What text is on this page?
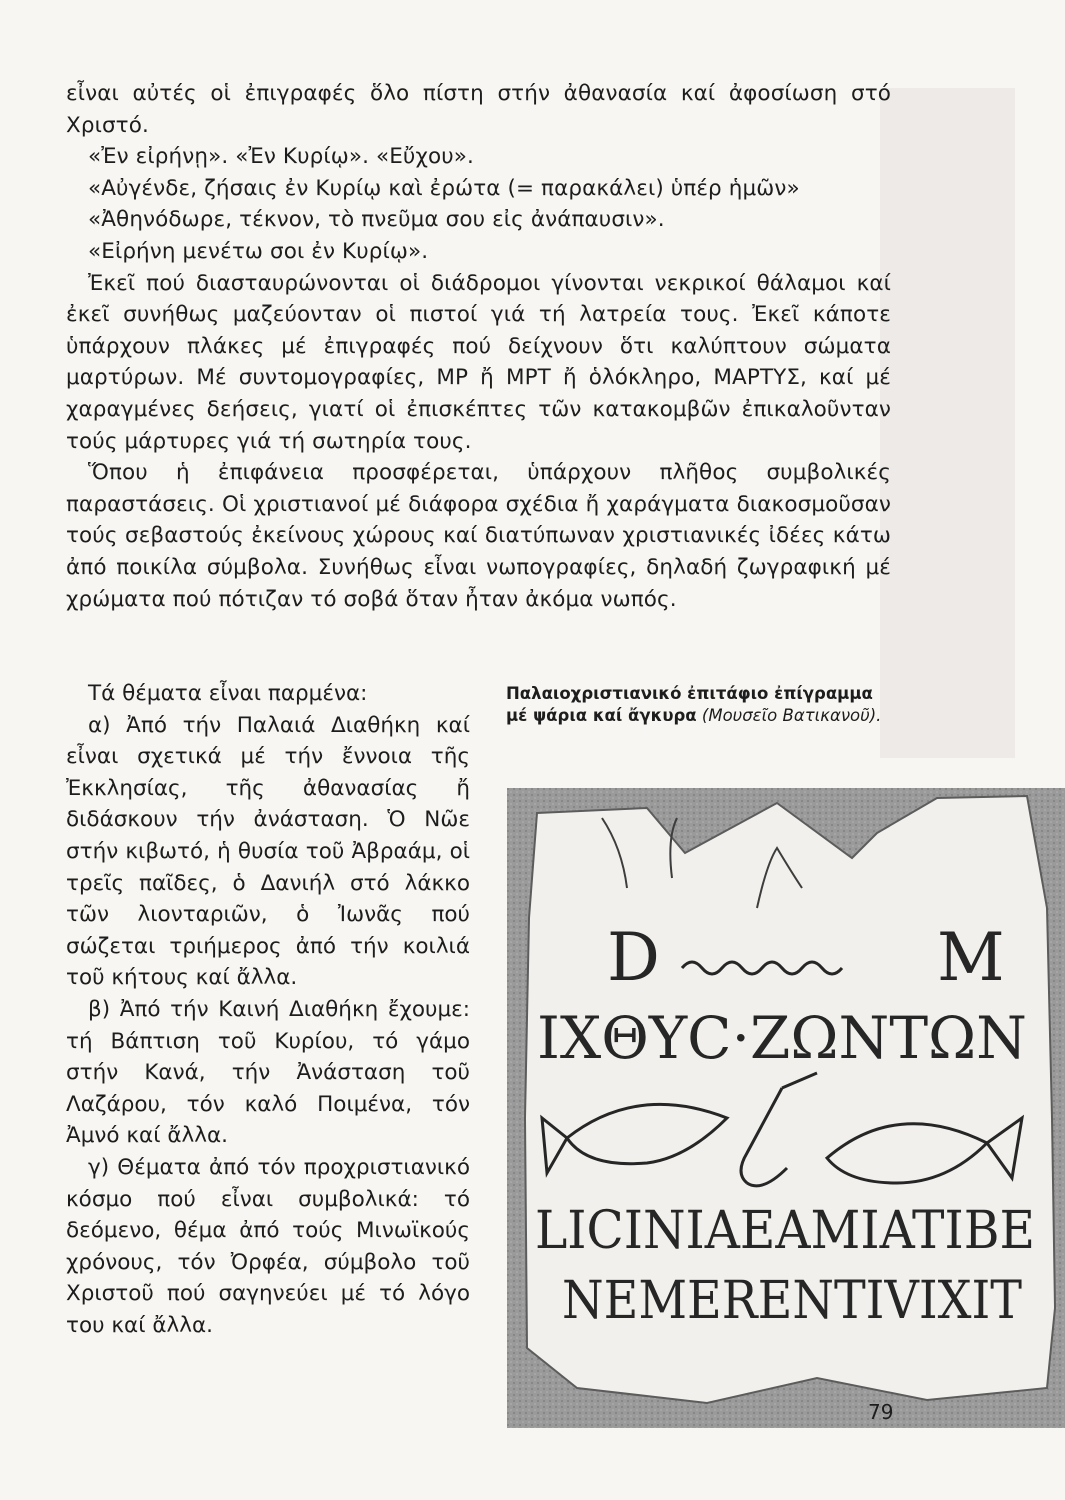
εἶναι αὐτές οἱ ἐπιγραφές ὅλο πίστη στήν ἀθανασία καί ἀφοσίωση στό

Χριστό.

«Ἐν εἰρήνῃ». «Ἐν Κυρίῳ». «Εὔχου».

«Αὐγένδε, ζήσαις ἐν Κυρίῳ καὶ ἐρώτα (= παρακάλει) ὑπέρ ἡμῶν»

«Ἀθηνόδωρε, τέκνον, τὸ πνεῦμα σου εἰς ἀνάπαυσιν».

«Εἰρήνη μενέτω σοι ἐν Κυρίῳ».

Ἐκεῖ πού διασταυρώνονται οἱ διάδρομοι γίνονται νεκρικοί θάλαμοι καί ἐκεῖ συνήθως μαζεύονταν οἱ πιστοί γιά τή λατρεία τους. Ἐκεῖ κάποτε ὑπάρχουν πλάκες μέ ἐπιγραφές πού δείχνουν ὅτι καλύπτουν σώματα μαρτύρων. Μέ συντομογραφίες, ΜΡ ἤ ΜΡΤ ἤ ὁλόκληρο, ΜΑΡΤΥΣ, καί μέ χαραγμένες δεήσεις, γιατί οἱ ἐπισκέπτες τῶν κατακομβῶν ἐπικαλοῦνταν τούς μάρτυρες γιά τή σωτηρία τους.

Ὅπου ἡ ἐπιφάνεια προσφέρεται, ὑπάρχουν πλῆθος συμβολικές παραστάσεις. Οἱ χριστιανοί μέ διάφορα σχέδια ἤ χαράγματα διακοσμοῦσαν τούς σεβαστούς ἐκείνους χώρους καί διατύπωναν χριστιανικές ἰδέες κάτω ἀπό ποικίλα σύμβολα. Συνήθως εἶναι νωπογραφίες, δηλαδή ζωγραφική μέ χρώματα πού πότιζαν τό σοβά ὅταν ἦταν ἀκόμα νωπός.

Τά θέματα εἶναι παρμένα:

α) Ἀπό τήν Παλαιά Διαθήκη καί εἶναι σχετικά μέ τήν ἔννοια τῆς Ἐκκλησίας, τῆς ἀθανασίας ἤ διδάσκουν τήν ἀνάσταση. Ὁ Νῶε στήν κιβωτό, ἡ θυσία τοῦ Ἀβραάμ, οἱ τρεῖς παῖδες, ὁ Δανιήλ στό λάκκο τῶν λιονταριῶν, ὁ Ἰωνᾶς πού σώζεται τριήμερος ἀπό τήν κοιλιά τοῦ κήτους καί ἄλλα.

β) Ἀπό τήν Καινή Διαθήκη ἔχουμε: τή Βάπτιση τοῦ Κυρίου, τό γάμο στήν Κανά, τήν Ἀνάσταση τοῦ Λαζάρου, τόν καλό Ποιμένα, τόν Ἀμνό καί ἄλλα.

γ) Θέματα ἀπό τόν προχριστιανικό κόσμο πού εἶναι συμβολικά: τό δεόμενο, θέμα ἀπό τούς Μινωϊκούς χρόνους, τόν Ὀρφέα, σύμβολο τοῦ Χριστοῦ πού σαγηνεύει μέ τό λόγο του καί ἄλλα.

Παλαιοχριστιανικό ἐπιτάφιο ἐπίγραμμα μέ ψάρια καί ἄγκυρα (Μουσεῖο Βατικανοῦ).
D	M
ΙΧΘΥC·ΖΩΝΤΩΝ
LICINIAEAMIATIBE
NEMERENTIVIXIT
79
